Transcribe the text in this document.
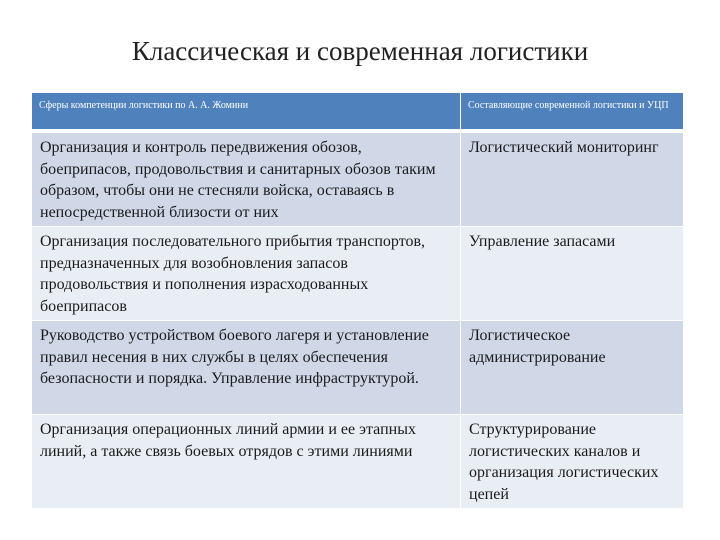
Классическая и современная логистики
Сферы компетенции логистики по А. А. Жомини	Составляющие современной логистики и УЦП
Организация и контроль передвижения обозов, боеприпасов, продовольствия и санитарных обозов таким образом, чтобы они не стесняли войска, оставаясь в непосредственной близости от них	Логистический мониторинг
Организация последовательного прибытия транспортов, предназначенных для возобновления запасов продовольствия и пополнения израсходованных боеприпасов	Управление запасами
Руководство устройством боевого лагеря и установление правил несения в них службы в целях обеспечения безопасности и порядка. Управление инфраструктурой.	Логистическое администрирование
Организация операционных линий армии и ее этапных линий, а также связь боевых отрядов с этими линиями	Структурирование логистических каналов и организация логистических цепей
